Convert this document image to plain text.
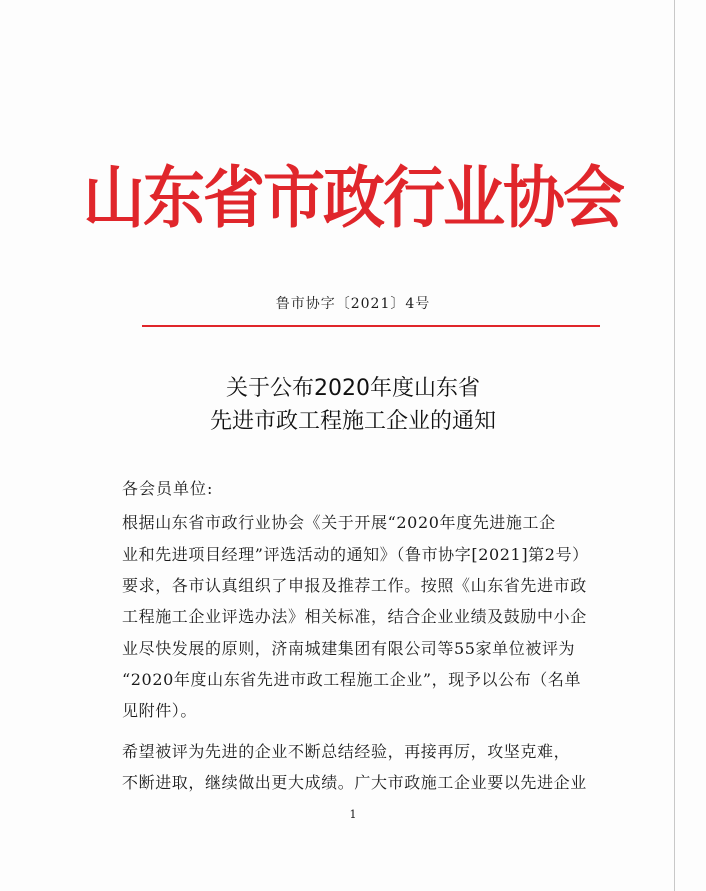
山东省市政行业协会
鲁市协字〔2021〕4号
关于公布2020年度山东省
先进市政工程施工企业的通知
各会员单位:
根据山东省市政行业协会《关于开展“2020年度先进施工企
业和先进项目经理”评选活动的通知》（鲁市协字[2021]第2号）
要求，各市认真组织了申报及推荐工作。按照《山东省先进市政
工程施工企业评选办法》相关标准，结合企业业绩及鼓励中小企
业尽快发展的原则，济南城建集团有限公司等55家单位被评为
“2020年度山东省先进市政工程施工企业”，现予以公布（名单
见附件）。
希望被评为先进的企业不断总结经验，再接再厉，攻坚克难，
不断进取，继续做出更大成绩。广大市政施工企业要以先进企业
1
